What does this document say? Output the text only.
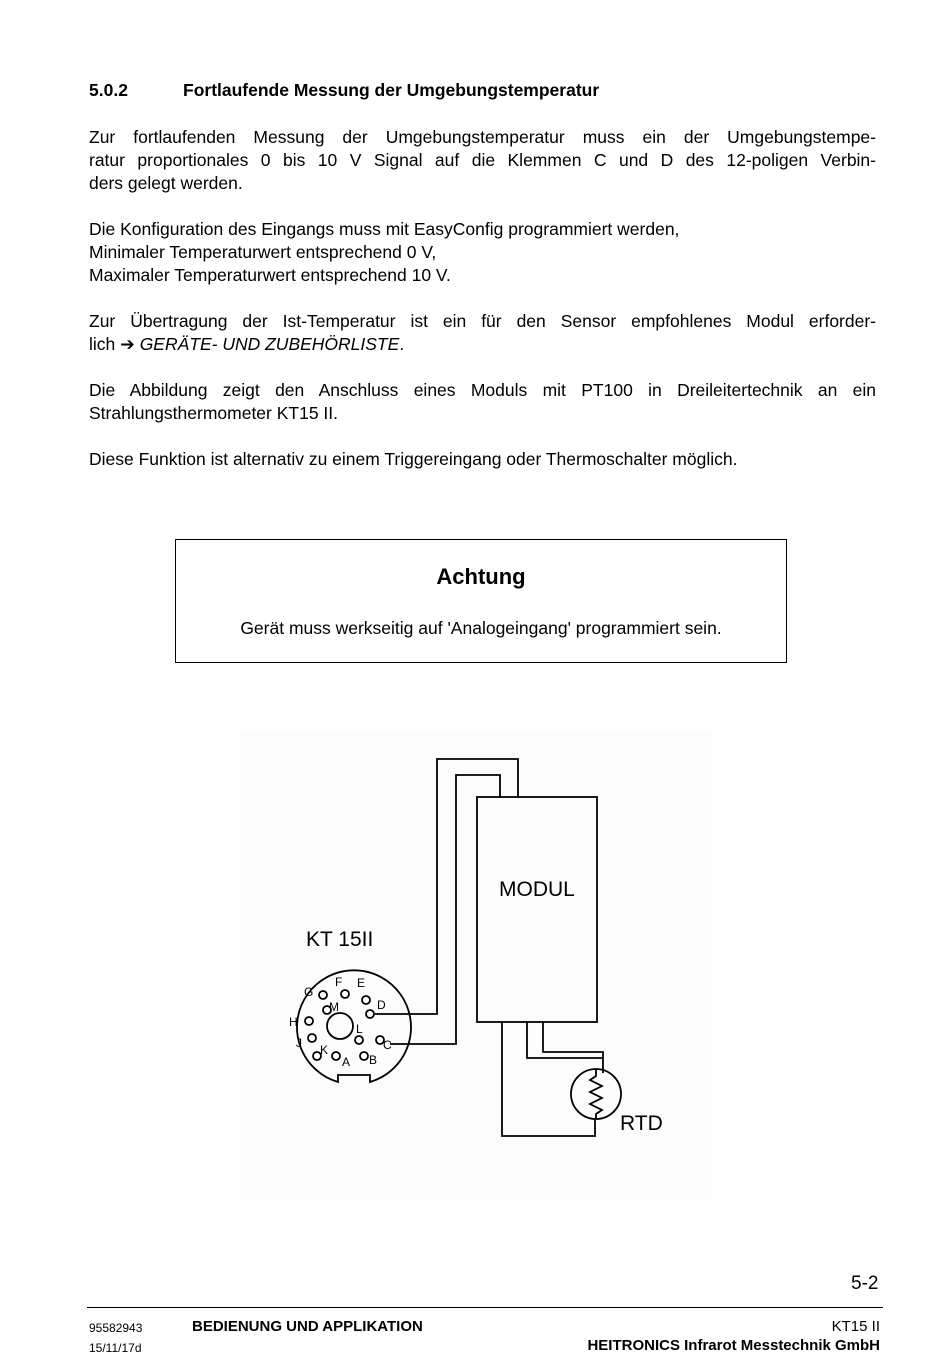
5.0.2	Fortlaufende Messung der Umgebungstemperatur
Zur fortlaufenden Messung der Umgebungstemperatur muss ein der Umgebungstempe-
ratur proportionales 0 bis 10 V Signal auf die Klemmen C und D des 12-poligen Verbin-
ders gelegt werden.
Die Konfiguration des Eingangs muss mit EasyConfig programmiert werden,
Minimaler Temperaturwert entsprechend 0 V,
Maximaler Temperaturwert entsprechend 10 V.
Zur Übertragung der Ist-Temperatur ist ein für den Sensor empfohlenes Modul erforder-
lich ➔ GERÄTE- UND ZUBEHÖRLISTE.
Die Abbildung zeigt den Anschluss eines Moduls mit PT100 in Dreileitertechnik an ein
Strahlungsthermometer KT15 II.
Diese Funktion ist alternativ zu einem Triggereingang oder Thermoschalter möglich.
Achtung
Gerät muss werkseitig auf 'Analogeingang' programmiert sein.
MODUL
KT 15II
RTD
F E
G
M	D
H	L
J K	C
A B
5-2
95582943
15/11/17d
BEDIENUNG UND APPLIKATION	KT15 II
HEITRONICS Infrarot Messtechnik GmbH
